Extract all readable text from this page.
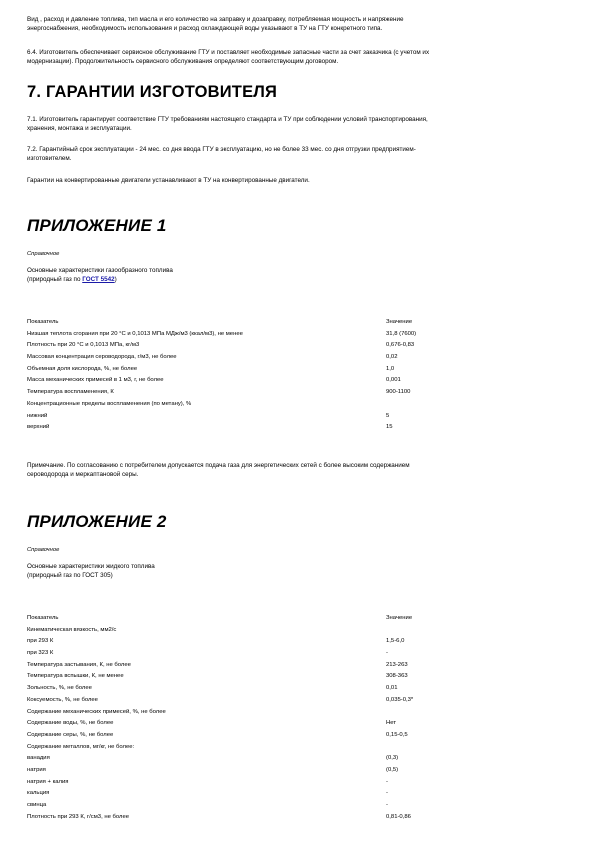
Вид , расход и давление топлива, тип масла и его количество на заправку и дозаправку, потребляемая мощность и напряжение
энергоснабжения, необходимость использования и расход охлаждающей воды указывают в ТУ на ГТУ конкретного типа.

6.4. Изготовитель обеспечивает сервисное обслуживание ГТУ и поставляет необходимые запасные части за счет заказчика (с учетом их
модернизации). Продолжительность сервисного обслуживания определяют соответствующим договором.

7. ГАРАНТИИ ИЗГОТОВИТЕЛЯ

7.1. Изготовитель гарантирует соответствие ГТУ требованиям настоящего стандарта и ТУ при соблюдении условий транспортирования,
хранения, монтажа и эксплуатации.

7.2. Гарантийный срок эксплуатации - 24 мес. со дня ввода ГТУ в эксплуатацию, но не более 33 мес. со дня отгрузки предприятием-
изготовителем.

Гарантии на конвертированные двигатели устанавливают в ТУ на конвертированные двигатели.

ПРИЛОЖЕНИЕ 1

Справочное

Основные характеристики газообразного топлива
(природный газ по ГОСТ 5542)

Показатель	Значение
Низшая теплота сгорания при 20 °С и 0,1013 МПа МДж/м3 (ккал/м3), не менее	31,8 (7600)
Плотность при 20 °С и 0,1013 МПа, кг/м3	0,676-0,83
Массовая концентрация сероводорода, г/м3, не более	0,02
Объемная доля кислорода, %, не более	1,0
Масса механических примесей в 1 м3, г, не более	0,001
Температура воспламенения, К	900-1100
Концентрационные пределы воспламенения (по метану), %
нижний	5
верхний	15

Примечание. По согласованию с потребителем допускается подача газа для энергетических сетей с более высоким содержанием
сероводорода и меркаптановой серы.

ПРИЛОЖЕНИЕ 2

Справочное

Основные характеристики жидкого топлива
(природный газ по ГОСТ 305)

Показатель	Значение
Кинематическая вязкость, мм2/с
при 293 К	1,5-6,0
при 323 К	-
Температура застывания, К, не более	213-263
Температура вспышки, К, не менее	308-363
Зольность, %, не более	0,01
Коксуемость, %, не более	0,035-0,3*
Содержание механических примесей, %, не более
Содержание воды, %, не более	Нет
Содержание серы, %, не более	0,15-0,5
Содержание металлов, мг/кг, не более:
ванадия	(0,3)
натрия	(0,5)
натрия + калия	-
кальция	-
свинца	-
Плотность при 293 К, г/см3, не более	0,81-0,86
